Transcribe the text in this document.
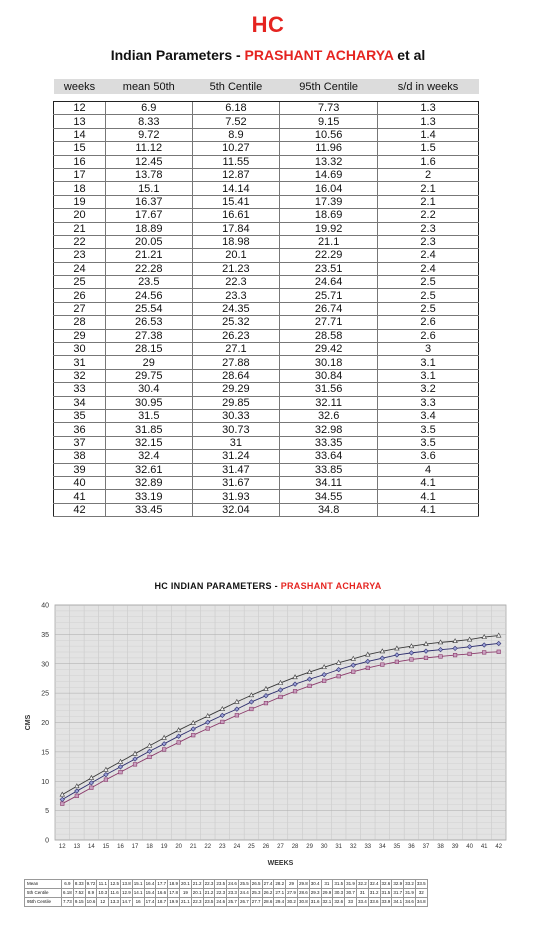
HC
Indian Parameters - PRASHANT ACHARYA et al
weeks	mean 50th	5th Centile	95th Centile	s/d in weeks

12	6.9	6.18	7.73	1.3
13	8.33	7.52	9.15	1.3
14	9.72	8.9	10.56	1.4
15	11.12	10.27	11.96	1.5
16	12.45	11.55	13.32	1.6
17	13.78	12.87	14.69	2
18	15.1	14.14	16.04	2.1
19	16.37	15.41	17.39	2.1
20	17.67	16.61	18.69	2.2
21	18.89	17.84	19.92	2.3
22	20.05	18.98	21.1	2.3
23	21.21	20.1	22.29	2.4
24	22.28	21.23	23.51	2.4
25	23.5	22.3	24.64	2.5
26	24.56	23.3	25.71	2.5
27	25.54	24.35	26.74	2.5
28	26.53	25.32	27.71	2.6
29	27.38	26.23	28.58	2.6
30	28.15	27.1	29.42	3
31	29	27.88	30.18	3.1
32	29.75	28.64	30.84	3.1
33	30.4	29.29	31.56	3.2
34	30.95	29.85	32.11	3.3
35	31.5	30.33	32.6	3.4
36	31.85	30.73	32.98	3.5
37	32.15	31	33.35	3.5
38	32.4	31.24	33.64	3.6
39	32.61	31.47	33.85	4
40	32.89	31.67	34.11	4.1
41	33.19	31.93	34.55	4.1
42	33.45	32.04	34.8	4.1
HC INDIAN PARAMETERS - PRASHANT ACHARYA
0
5
10
15
20
25
30
35
40
12 13 14 15 16 17 18 19 20 21 22 23 24 25 26 27 28 29 30 31 32 33 34 35 36 37 38 39 40 41 42
CMS
WEEKS
Mean	6.9	8.33	9.72	11.1	12.5	13.8	15.1	16.4	17.7	18.9	20.1	21.2	22.3	23.5	24.6	25.5	26.5	27.4	28.2	29	29.8	30.4	31	31.5	31.9	32.2	32.4	32.6	32.9	33.2	33.5
5th Centile	6.18	7.52	8.9	10.3	11.6	12.9	14.1	15.4	16.6	17.8	19	20.1	21.2	22.3	23.3	24.4	25.3	26.2	27.1	27.9	28.6	29.3	29.9	30.3	30.7	31	31.2	31.5	31.7	31.9	32
95th Centile	7.73	9.15	10.6	12	13.3	14.7	16	17.4	18.7	19.9	21.1	22.3	23.5	24.6	25.7	26.7	27.7	28.6	29.4	30.2	30.8	31.6	32.1	32.6	33	33.4	33.6	33.9	34.1	34.6	34.8
